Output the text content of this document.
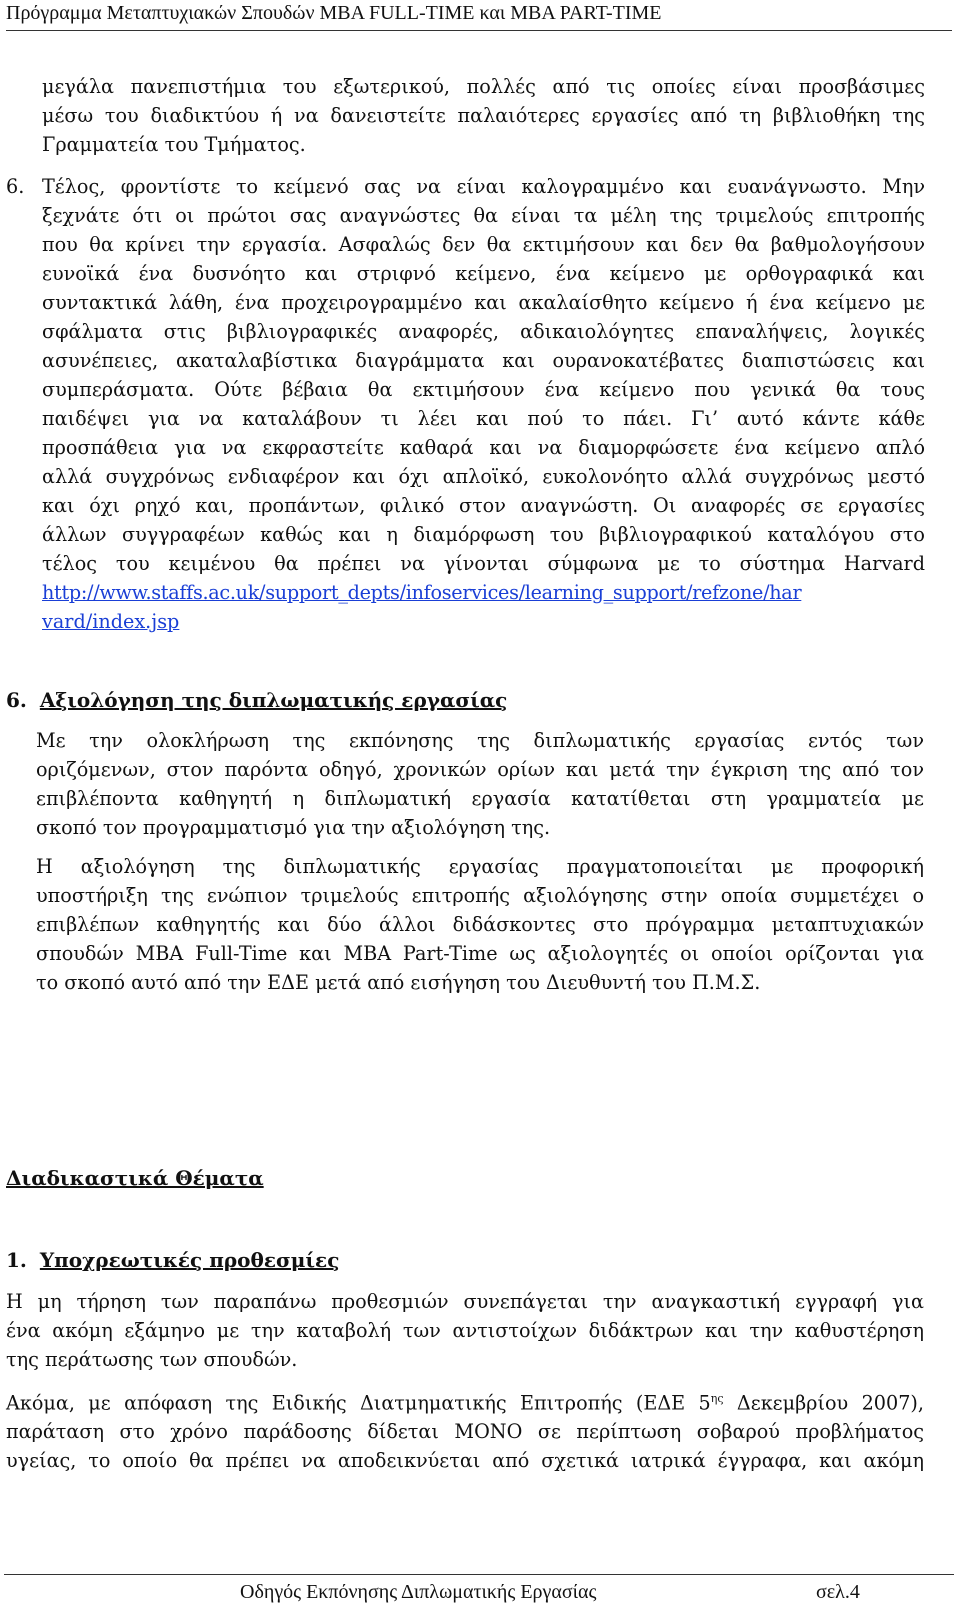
Πρόγραμμα Μεταπτυχιακών Σπουδών MBA FULL-TIME και MBA PART-TIME
μεγάλα πανεπιστήμια του εξωτερικού, πολλές από τις οποίες είναι προσβάσιμες
μέσω του διαδικτύου ή να δανειστείτε παλαιότερες εργασίες από τη βιβλιοθήκη της
Γραμματεία του Τμήματος.
6. Τέλος, φροντίστε το κείμενό σας να είναι καλογραμμένο και ευανάγνωστο. Μην
ξεχνάτε ότι οι πρώτοι σας αναγνώστες θα είναι τα μέλη της τριμελούς επιτροπής
που θα κρίνει την εργασία. Ασφαλώς δεν θα εκτιμήσουν και δεν θα βαθμολογήσουν
ευνοϊκά ένα δυσνόητο και στριφνό κείμενο, ένα κείμενο με ορθογραφικά και
συντακτικά λάθη, ένα προχειρογραμμένο και ακαλαίσθητο κείμενο ή ένα κείμενο με
σφάλματα στις βιβλιογραφικές αναφορές, αδικαιολόγητες επαναλήψεις, λογικές
ασυνέπειες, ακαταλαβίστικα διαγράμματα και ουρανοκατέβατες διαπιστώσεις και
συμπεράσματα. Ούτε βέβαια θα εκτιμήσουν ένα κείμενο που γενικά θα τους
παιδέψει για να καταλάβουν τι λέει και πού το πάει. Γι’ αυτό κάντε κάθε
προσπάθεια για να εκφραστείτε καθαρά και να διαμορφώσετε ένα κείμενο απλό
αλλά συγχρόνως ενδιαφέρον και όχι απλοϊκό, ευκολονόητο αλλά συγχρόνως μεστό
και όχι ρηχό και, προπάντων, φιλικό στον αναγνώστη. Οι αναφορές σε εργασίες
άλλων συγγραφέων καθώς και η διαμόρφωση του βιβλιογραφικού καταλόγου στο
τέλος του κειμένου θα πρέπει να γίνονται σύμφωνα με το σύστημα Harvard
http://www.staffs.ac.uk/support_depts/infoservices/learning_support/refzone/har
vard/index.jsp
6. Αξιολόγηση της διπλωματικής εργασίας
Με την ολοκλήρωση της εκπόνησης της διπλωματικής εργασίας εντός των
οριζόμενων, στον παρόντα οδηγό, χρονικών ορίων και μετά την έγκριση της από τον
επιβλέποντα καθηγητή η διπλωματική εργασία κατατίθεται στη γραμματεία με
σκοπό τον προγραμματισμό για την αξιολόγηση της.
Η αξιολόγηση της διπλωματικής εργασίας πραγματοποιείται με προφορική
υποστήριξη της ενώπιον τριμελούς επιτροπής αξιολόγησης στην οποία συμμετέχει ο
επιβλέπων καθηγητής και δύο άλλοι διδάσκοντες στο πρόγραμμα μεταπτυχιακών
σπουδών MBA Full-Time και MBA Part-Time ως αξιολογητές οι οποίοι ορίζονται για
το σκοπό αυτό από την ΕΔΕ μετά από εισήγηση του Διευθυντή του Π.Μ.Σ.
Διαδικαστικά Θέματα
1. Υποχρεωτικές προθεσμίες
Η μη τήρηση των παραπάνω προθεσμιών συνεπάγεται την αναγκαστική εγγραφή για
ένα ακόμη εξάμηνο με την καταβολή των αντιστοίχων διδάκτρων και την καθυστέρηση
της περάτωσης των σπουδών.
Ακόμα, με απόφαση της Ειδικής Διατμηματικής Επιτροπής (ΕΔΕ $5^{\eta\varsigma}$ Δεκεμβρίου 2007),
παράταση στο χρόνο παράδοσης δίδεται ΜΟΝΟ σε περίπτωση σοβαρού προβλήματος
υγείας, το οποίο θα πρέπει να αποδεικνύεται από σχετικά ιατρικά έγγραφα, και ακόμη
Οδηγός Εκπόνησης Διπλωματικής Εργασίας	σελ.4
